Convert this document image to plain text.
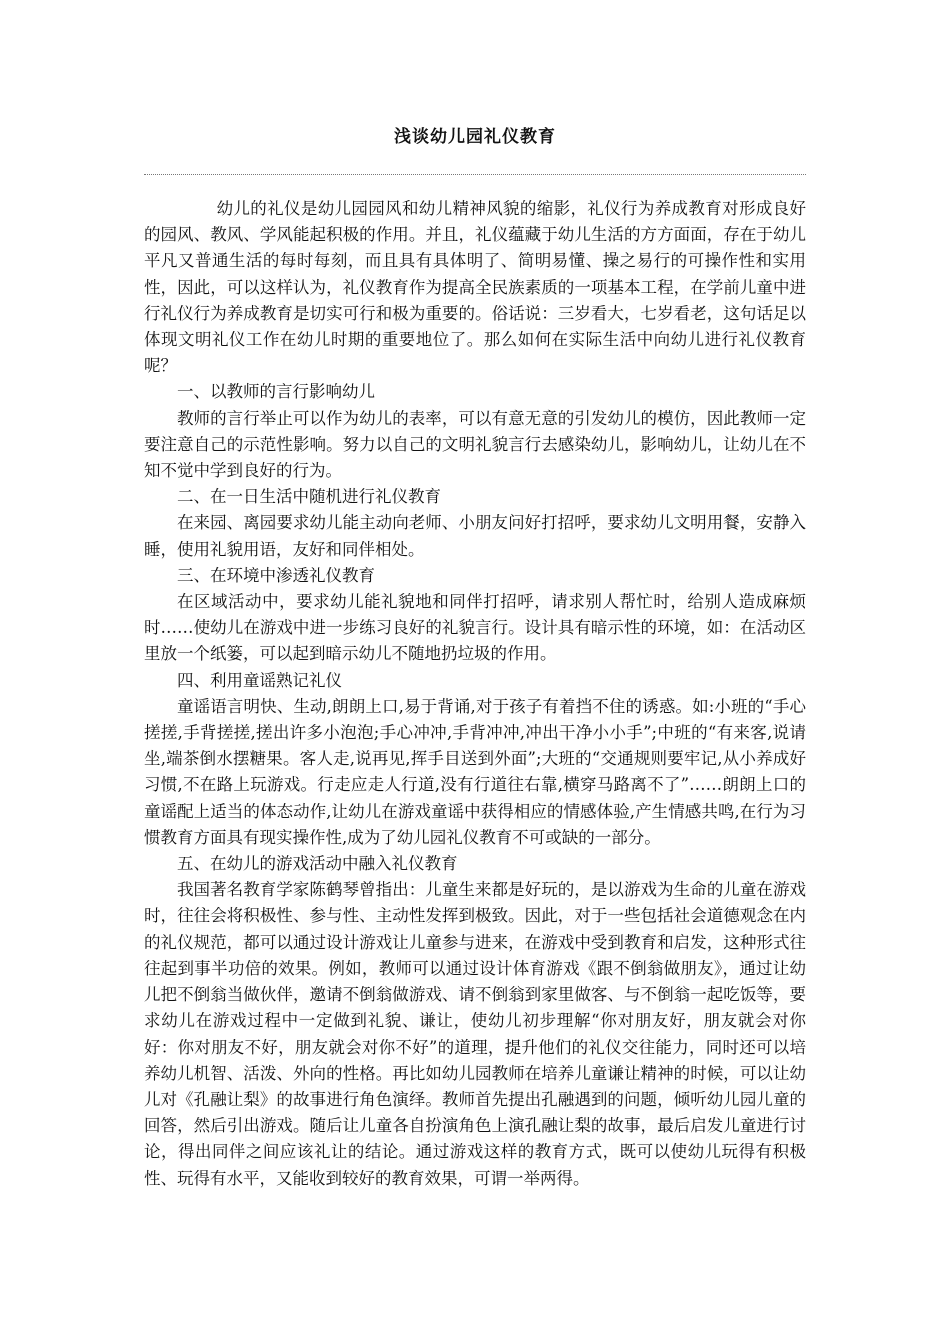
浅谈幼儿园礼仪教育

幼儿的礼仪是幼儿园园风和幼儿精神风貌的缩影，礼仪行为养成教育对形成良好的园风、教风、学风能起积极的作用。并且，礼仪蕴藏于幼儿生活的方方面面，存在于幼儿平凡又普通生活的每时每刻，而且具有具体明了、简明易懂、操之易行的可操作性和实用性，因此，可以这样认为，礼仪教育作为提高全民族素质的一项基本工程，在学前儿童中进行礼仪行为养成教育是切实可行和极为重要的。俗话说：三岁看大，七岁看老，这句话足以体现文明礼仪工作在幼儿时期的重要地位了。那么如何在实际生活中向幼儿进行礼仪教育呢？

一、以教师的言行影响幼儿

教师的言行举止可以作为幼儿的表率，可以有意无意的引发幼儿的模仿，因此教师一定要注意自己的示范性影响。努力以自己的文明礼貌言行去感染幼儿，影响幼儿，让幼儿在不知不觉中学到良好的行为。

二、在一日生活中随机进行礼仪教育

在来园、离园要求幼儿能主动向老师、小朋友问好打招呼，要求幼儿文明用餐，安静入睡，使用礼貌用语，友好和同伴相处。

三、在环境中渗透礼仪教育

在区域活动中，要求幼儿能礼貌地和同伴打招呼，请求别人帮忙时，给别人造成麻烦时……使幼儿在游戏中进一步练习良好的礼貌言行。设计具有暗示性的环境，如：在活动区里放一个纸篓，可以起到暗示幼儿不随地扔垃圾的作用。

四、利用童谣熟记礼仪

童谣语言明快、生动,朗朗上口,易于背诵,对于孩子有着挡不住的诱惑。如:小班的“手心搓搓,手背搓搓,搓出许多小泡泡;手心冲冲,手背冲冲,冲出干净小小手”;中班的“有来客,说请坐,端茶倒水摆糖果。客人走,说再见,挥手目送到外面”;大班的“交通规则要牢记,从小养成好习惯,不在路上玩游戏。行走应走人行道,没有行道往右靠,横穿马路离不了”……朗朗上口的童谣配上适当的体态动作,让幼儿在游戏童谣中获得相应的情感体验,产生情感共鸣,在行为习惯教育方面具有现实操作性,成为了幼儿园礼仪教育不可或缺的一部分。

五、在幼儿的游戏活动中融入礼仪教育

我国著名教育学家陈鹤琴曾指出：儿童生来都是好玩的，是以游戏为生命的儿童在游戏时，往往会将积极性、参与性、主动性发挥到极致。因此，对于一些包括社会道德观念在内的礼仪规范，都可以通过设计游戏让儿童参与进来，在游戏中受到教育和启发，这种形式往往起到事半功倍的效果。例如，教师可以通过设计体育游戏《跟不倒翁做朋友》，通过让幼儿把不倒翁当做伙伴，邀请不倒翁做游戏、请不倒翁到家里做客、与不倒翁一起吃饭等，要求幼儿在游戏过程中一定做到礼貌、谦让，使幼儿初步理解“你对朋友好，朋友就会对你好：你对朋友不好，朋友就会对你不好”的道理，提升他们的礼仪交往能力，同时还可以培养幼儿机智、活泼、外向的性格。再比如幼儿园教师在培养儿童谦让精神的时候，可以让幼儿对《孔融让梨》的故事进行角色演绎。教师首先提出孔融遇到的问题，倾听幼儿园儿童的回答，然后引出游戏。随后让儿童各自扮演角色上演孔融让梨的故事，最后启发儿童进行讨论，得出同伴之间应该礼让的结论。通过游戏这样的教育方式，既可以使幼儿玩得有积极性、玩得有水平，又能收到较好的教育效果，可谓一举两得。
